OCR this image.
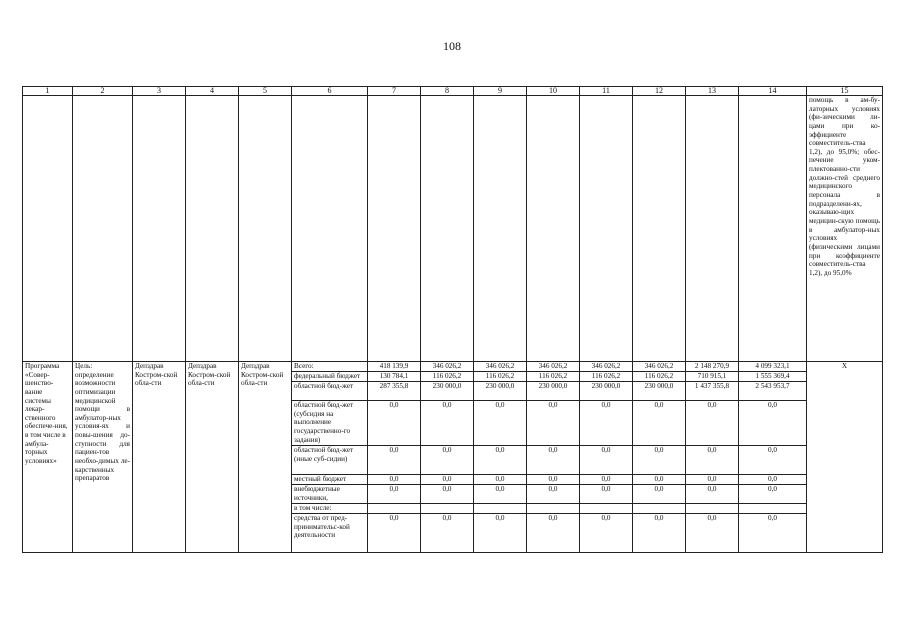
108
1	2	3	4	5	6	7	8	9	10	11	12	13	14	15
														помощь в ам-булаторных условиях (фи-зическими ли-цами при ко-эффициенте совместитель-ства 1,2), до 95,0%; обес-печение уком-плектованно-сти должно-стей среднего медицинского персонала в подразделени-ях, оказываю-щих медицин-скую помощь в амбулатор-ных условиях (физическими лицами при коэффициенте совместитель-ства 1,2), до 95,0%
Программа «Совер-шенство-вание системы лекар-ственного обеспече-ния, в том числе в амбула-торных условиях»	Цель: определение возможности оптимизации медицинской помощи в амбулатор-ных условия-ях и повы-шения до-ступности для пациен-тов необхо-димых ле-карственных препаратов	Депздрав Костром-ской обла-сти	Депздрав Костром-ской обла-сти	Депздрав Костром-ской обла-сти	Всего:	418 139,9	346 026,2	346 026,2	346 026,2	346 026,2	346 026,2	2 148 270,9	4 099 323,1	Х
					федеральный бюджет	130 784,1	116 026,2	116 026,2	116 026,2	116 026,2	116 026,2	710 915,1	1 555 369,4	
					областной бюд-жет	287 355,8	230 000,0	230 000,0	230 000,0	230 000,0	230 000,0	1 437 355,8	2 543 953,7	
					областной бюд-жет (субсидия на выполнение государственно-го задания)	0,0	0,0	0,0	0,0	0,0	0,0	0,0	0,0	
					областной бюд-жет (иные суб-сидии)	0,0	0,0	0,0	0,0	0,0	0,0	0,0	0,0	
					местный бюджет	0,0	0,0	0,0	0,0	0,0	0,0	0,0	0,0	
					внебюджетные источники,	0,0	0,0	0,0	0,0	0,0	0,0	0,0	0,0	
					в том числе:									
					средства от пред-принимательс-кой деятельности	0,0	0,0	0,0	0,0	0,0	0,0	0,0	0,0	
